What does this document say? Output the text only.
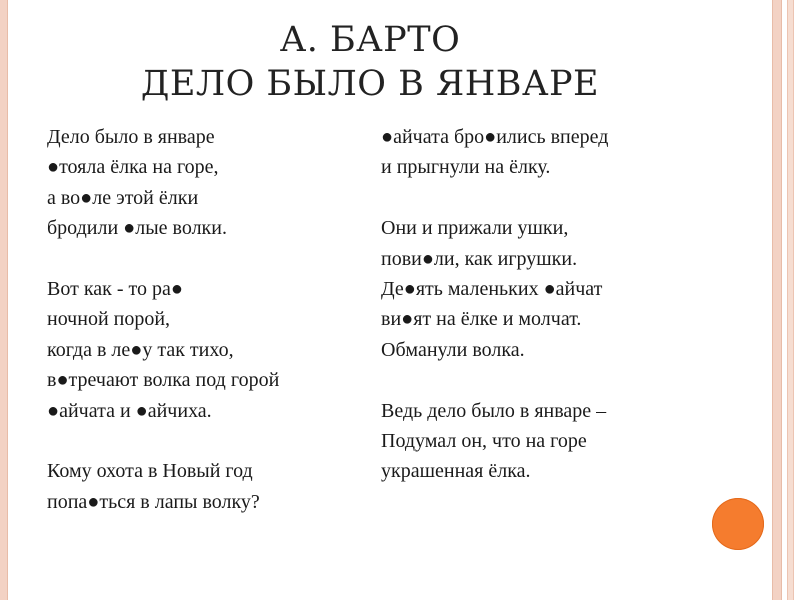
А. БАРТО
ДЕЛО БЫЛО В ЯНВАРЕ
Дело было в январе
●тояла ёлка на горе,
а во●ле этой ёлки
бродили ●лые волки.
Вот как - то ра●
ночной порой,
когда в ле●у так тихо,
в●тречают волка под горой
●айчата и ●айчиха.
Кому охота в Новый год
попа●ться в лапы волку?
●айчата бро●ились вперед
и прыгнули на ёлку.
Они и прижали ушки,
пови●ли, как игрушки.
Де●ять маленьких ●айчат
ви●ят на ёлке и молчат.
Обманули волка.
Ведь дело было в январе –
Подумал он, что на горе
украшенная ёлка.
